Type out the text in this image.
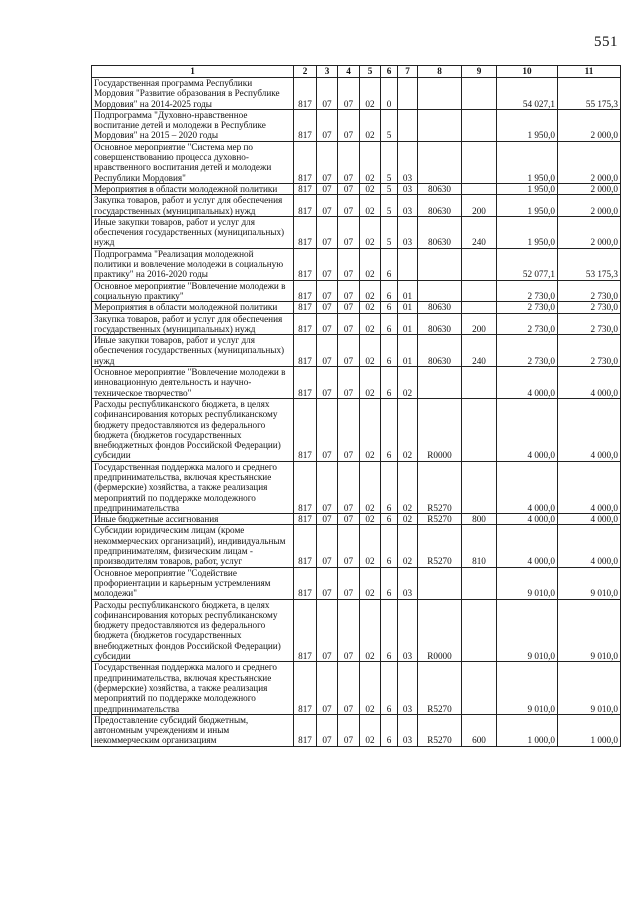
551
1	2	3	4	5	6	7	8	9	10	11
Государственная программа Республики Мордовия "Развитие образования в Республике Мордовия" на 2014-2025 годы	817	07	07	02	0				54 027,1	55 175,3
Подпрограмма "Духовно-нравственное воспитание детей и молодежи в Республике Мордовия" на 2015 – 2020 годы	817	07	07	02	5				1 950,0	2 000,0
Основное мероприятие "Система мер по совершенствованию процесса духовно-нравственного воспитания детей и молодежи Республики Мордовия"	817	07	07	02	5	03			1 950,0	2 000,0
Мероприятия в области молодежной политики	817	07	07	02	5	03	80630		1 950,0	2 000,0
Закупка товаров, работ и услуг для обеспечения государственных (муниципальных) нужд	817	07	07	02	5	03	80630	200	1 950,0	2 000,0
Иные закупки товаров, работ и услуг для обеспечения государственных (муниципальных) нужд	817	07	07	02	5	03	80630	240	1 950,0	2 000,0
Подпрограмма "Реализация молодежной политики и вовлечение молодежи в социальную практику" на 2016-2020 годы	817	07	07	02	6				52 077,1	53 175,3
Основное мероприятие "Вовлечение молодежи в социальную практику"	817	07	07	02	6	01			2 730,0	2 730,0
Мероприятия в области молодежной политики	817	07	07	02	6	01	80630		2 730,0	2 730,0
Закупка товаров, работ и услуг для обеспечения государственных (муниципальных) нужд	817	07	07	02	6	01	80630	200	2 730,0	2 730,0
Иные закупки товаров, работ и услуг для обеспечения государственных (муниципальных) нужд	817	07	07	02	6	01	80630	240	2 730,0	2 730,0
Основное мероприятие "Вовлечение молодежи в инновационную деятельность и научно-техническое творчество"	817	07	07	02	6	02			4 000,0	4 000,0
Расходы республиканского бюджета, в целях софинансирования которых республиканскому бюджету предоставляются из федерального бюджета (бюджетов государственных внебюджетных фондов Российской Федерации) субсидии	817	07	07	02	6	02	R0000		4 000,0	4 000,0
Государственная поддержка малого и среднего предпринимательства, включая крестьянские (фермерские) хозяйства, а также реализация мероприятий по поддержке молодежного предпринимательства	817	07	07	02	6	02	R5270		4 000,0	4 000,0
Иные бюджетные ассигнования	817	07	07	02	6	02	R5270	800	4 000,0	4 000,0
Субсидии юридическим лицам (кроме некоммерческих организаций), индивидуальным предпринимателям, физическим лицам - производителям товаров, работ, услуг	817	07	07	02	6	02	R5270	810	4 000,0	4 000,0
Основное мероприятие "Содействие профориентации и карьерным устремлениям молодежи"	817	07	07	02	6	03			9 010,0	9 010,0
Расходы республиканского бюджета, в целях софинансирования которых республиканскому бюджету предоставляются из федерального бюджета (бюджетов государственных внебюджетных фондов Российской Федерации) субсидии	817	07	07	02	6	03	R0000		9 010,0	9 010,0
Государственная поддержка малого и среднего предпринимательства, включая крестьянские (фермерские) хозяйства, а также реализация мероприятий по поддержке молодежного предпринимательства	817	07	07	02	6	03	R5270		9 010,0	9 010,0
Предоставление субсидий бюджетным, автономным учреждениям и иным некоммерческим организациям	817	07	07	02	6	03	R5270	600	1 000,0	1 000,0
